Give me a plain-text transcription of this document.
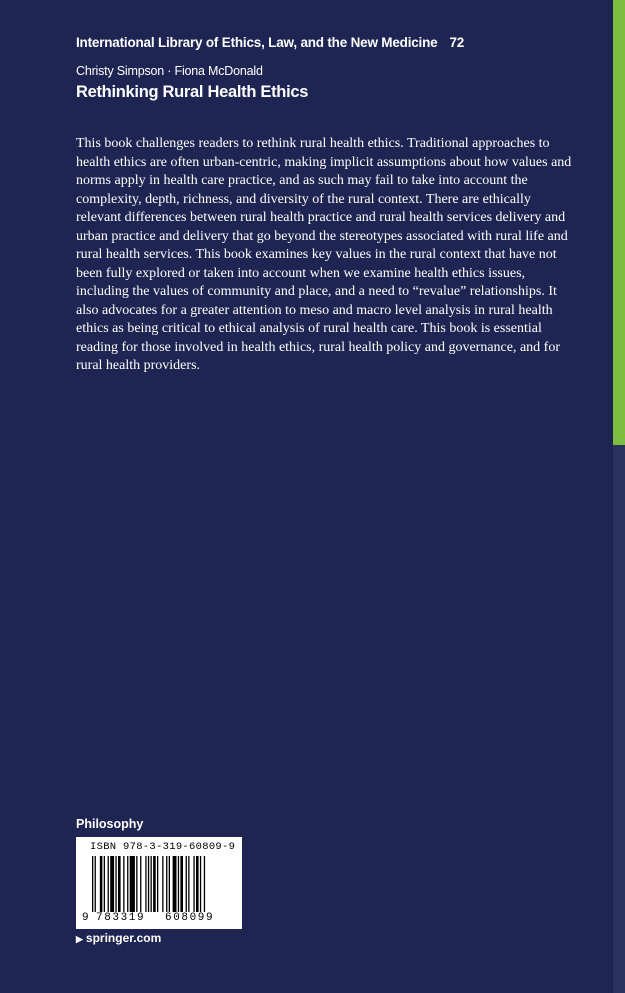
International Library of Ethics, Law, and the New Medicine 72
Christy Simpson · Fiona McDonald
Rethinking Rural Health Ethics

This book challenges readers to rethink rural health ethics. Traditional approaches to health ethics are often urban-centric, making implicit assumptions about how values and norms apply in health care practice, and as such may fail to take into account the complexity, depth, richness, and diversity of the rural context. There are ethically relevant differences between rural health practice and rural health services delivery and urban practice and delivery that go beyond the stereotypes associated with rural life and rural health services. This book examines key values in the rural context that have not been fully explored or taken into account when we examine health ethics issues, including the values of community and place, and a need to “revalue” relationships. It also advocates for a greater attention to meso and macro level analysis in rural health ethics as being critical to ethical analysis of rural health care. This book is essential reading for those involved in health ethics, rural health policy and governance, and for rural health providers.

Philosophy
ISBN 978-3-319-60809-9
9 783319 608099
▶ springer.com
